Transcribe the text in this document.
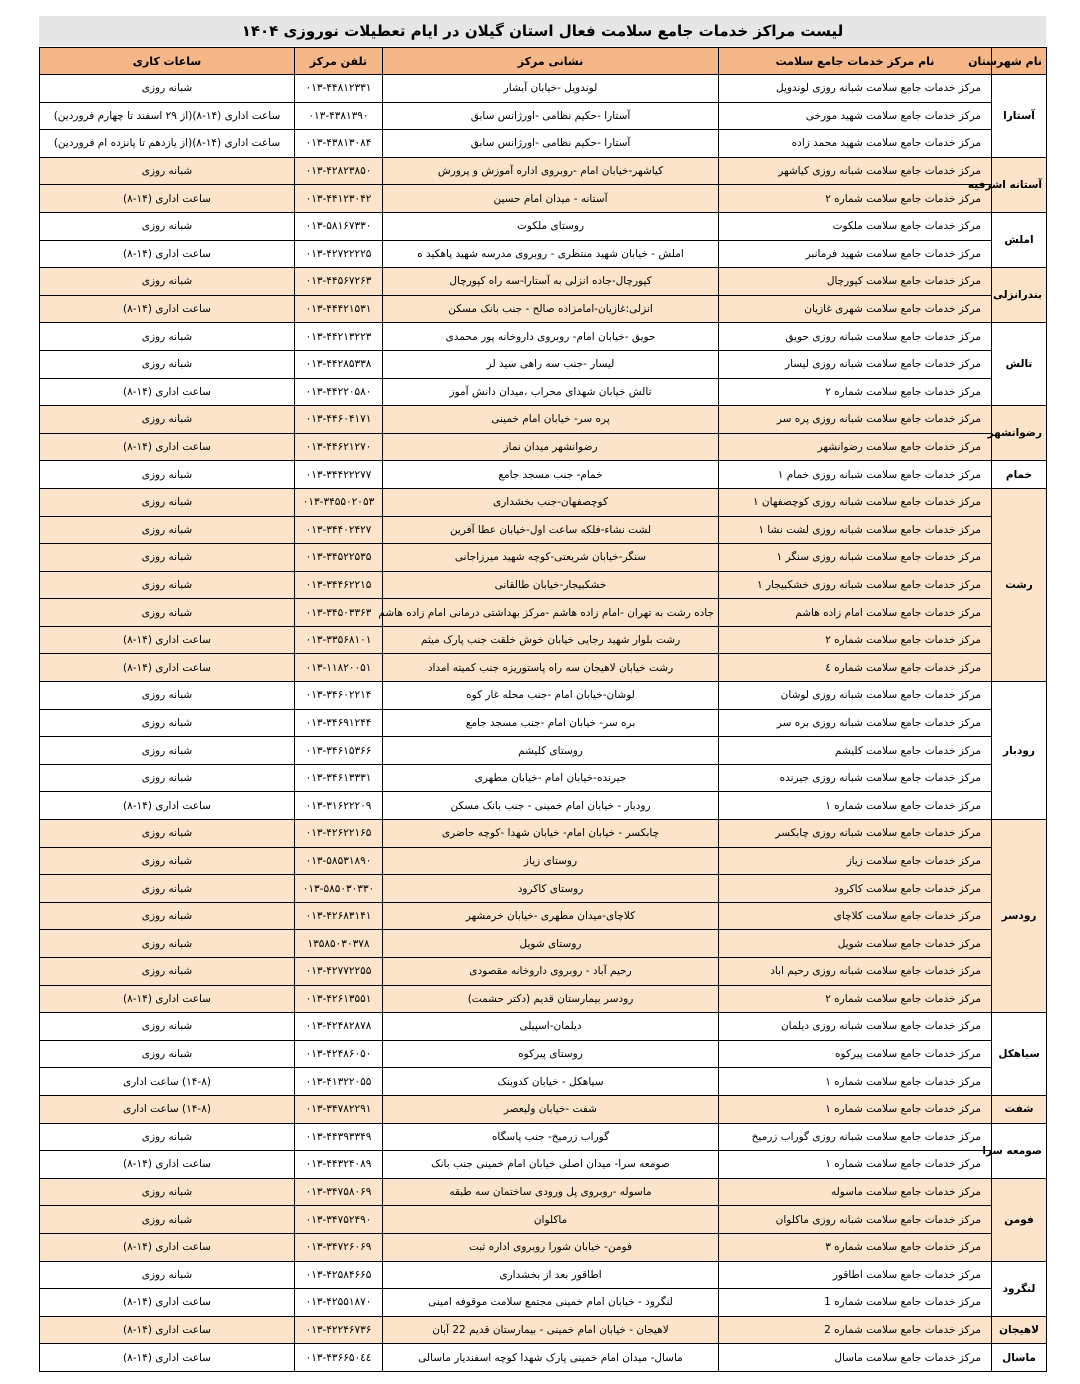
لیست مراکز خدمات جامع سلامت فعال استان گیلان در ایام تعطیلات نوروزی ۱۴۰۴
نام شهرستان	نام مرکز خدمات جامع سلامت	نشانی مرکز	تلفن مرکز	ساعات کاری
آستارا	مرکز خدمات جامع سلامت شبانه روزی لوندویل	لوندویل -خیابان آبشار	۰۱۳-۴۴۸۱۲۳۳۱	شبانه روزی
	مرکز خدمات جامع سلامت شهید مورخی	آستارا -حکیم نظامی -اورژانس سابق	۰۱۳-۴۳۸۱۳۹۰	ساعت اداری (۱۴-۸)(از ۲۹ اسفند تا چهارم فروردین)
	مرکز خدمات جامع سلامت شهید محمد زاده	آستارا -حکیم نظامی -اورژانس سابق	۰۱۳-۴۳۸۱۳۰۸۴	ساعت اداری (۱۴-۸)(از یازدهم تا پانزده ام فروردین)
آستانه اشرفیه	مرکز خدمات جامع سلامت شبانه روزی کیاشهر	کیاشهر-خیابان امام -روبروی اداره آموزش و پرورش	۰۱۳-۴۲۸۲۳۸۵۰	شبانه روزی
	مرکز خدمات جامع سلامت شماره ۲	آستانه - میدان امام حسین	۰۱۳-۴۴۱۲۳۰۴۲	ساعت اداری (۱۴-۸)
املش	مرکز خدمات جامع سلامت ملکوت	روستای ملکوت	۰۱۳-۵۸۱۶۷۳۳۰	شبانه روزی
	مرکز خدمات جامع سلامت شهید فرمانبر	املش - خیابان شهید منتظری - روبروی مدرسه شهید پاهکید ه	۰۱۳-۴۲۷۲۲۲۲۵	ساعت اداری (۱۴-۸)
بندرانزلی	مرکز خدمات جامع سلامت کپورچال	کپورچال-جاده انزلی به آستارا-سه راه کپورچال	۰۱۳-۴۴۵۶۷۲۶۳	شبانه روزی
	مرکز خدمات جامع سلامت شهری غازیان	انزلی:غازیان-امامزاده صالح - جنب بانک مسکن	۰۱۳-۴۴۴۲۱۵۳۱	ساعت اداری (۱۴-۸)
تالش	مرکز خدمات جامع سلامت شبانه روزی حویق	حویق -خیابان امام- روبروی داروخانه پور محمدی	۰۱۳-۴۴۲۱۳۲۲۳	شبانه روزی
	مرکز خدمات جامع سلامت شبانه روزی لیسار	لیسار -جنب سه راهی سید لر	۰۱۳-۴۴۲۸۵۳۳۸	شبانه روزی
	مرکز خدمات جامع سلامت شماره ۲	تالش خیابان شهدای محراب ،میدان دانش آموز	۰۱۳-۴۴۲۲۰۵۸۰	ساعت اداری (۱۴-۸)
رضوانشهر	مرکز خدمات جامع سلامت شبانه روزی پره سر	پره سر- خیابان امام خمینی	۰۱۳-۴۴۶۰۴۱۷۱	شبانه روزی
	مرکز خدمات جامع سلامت رضوانشهر	رضوانشهر میدان نماز	۰۱۳-۴۴۶۲۱۲۷۰	ساعت اداری (۱۴-۸)
خمام	مرکز خدمات جامع سلامت شبانه روزی خمام ۱	خمام- جنب مسجد جامع	۰۱۳-۳۴۴۲۲۲۷۷	شبانه روزی
رشت	مرکز خدمات جامع سلامت شبانه روزی کوچصفهان ۱	کوچصفهان-جنب بخشداری	۰۱۳-۳۴۵۵۰۲۰۵۳	شبانه روزی
	مرکز خدمات جامع سلامت شبانه روزی لشت نشا ۱	لشت نشاء-فلکه ساعت اول-خیابان عطا آفرین	۰۱۳-۳۴۴۰۲۴۲۷	شبانه روزی
	مرکز خدمات جامع سلامت شبانه روزی سنگر ۱	سنگر-خیابان شریعتی-کوچه شهید میرزاجانی	۰۱۳-۳۴۵۲۲۵۳۵	شبانه روزی
	مرکز خدمات جامع سلامت شبانه روزی خشکبیجار ۱	خشکبیجار-خیابان طالقانی	۰۱۳-۳۴۴۶۲۲۱۵	شبانه روزی
	مرکز خدمات جامع سلامت امام زاده هاشم	جاده رشت به تهران -امام زاده هاشم -مرکز بهداشتی درمانی امام زاده هاشم	۰۱۳-۳۴۵۰۳۳۶۳	شبانه روزی
	مرکز خدمات جامع سلامت شماره ۲	رشت بلوار شهید رجایی خیابان خوش خلقت جنب پارک میثم	۰۱۳-۳۳۵۶۸۱۰۱	ساعت اداری (۱۴-۸)
	مرکز خدمات جامع سلامت شماره ٤	رشت خیابان لاهیجان سه راه پاستوریزه جنب کمیته امداد	۰۱۳-۱۱۸۲۰۰۵۱	ساعت اداری (۱۴-۸)
رودبار	مرکز خدمات جامع سلامت شبانه روزی لوشان	لوشان-خیابان امام -جنب محله غار کوه	۰۱۳-۳۴۶۰۲۲۱۴	شبانه روزی
	مرکز خدمات جامع سلامت شبانه روزی بره سر	بره سر- خیابان امام -جنب مسجد جامع	۰۱۳-۳۴۶۹۱۲۴۴	شبانه روزی
	مرکز خدمات جامع سلامت کلیشم	روستای کلیشم	۰۱۳-۳۴۶۱۵۳۶۶	شبانه روزی
	مرکز خدمات جامع سلامت شبانه روزی جیرنده	جیرنده-خیابان امام -خیابان مطهری	۰۱۳-۳۴۶۱۳۳۳۱	شبانه روزی
	مرکز خدمات جامع سلامت شماره ۱	رودبار - خیابان امام خمینی - جنب بانک مسکن	۰۱۳-۳۱۶۲۲۲۰۹	ساعت اداری (۱۴-۸)
رودسر	مرکز خدمات جامع سلامت شبانه روزی چابکسر	چابکسر - خیابان امام- خیابان شهدا -کوچه حاضری	۰۱۳-۴۲۶۲۲۱۶۵	شبانه روزی
	مرکز خدمات جامع سلامت زیاز	روستای زیاز	۰۱۳-۵۸۵۳۱۸۹۰	شبانه روزی
	مرکز خدمات جامع سلامت کاکرود	روستای کاکرود	۰۱۳-۵۸۵۰۳۰۳۳۰	شبانه روزی
	مرکز خدمات جامع سلامت کلاچای	کلاچای-میدان مطهری -خیابان خرمشهر	۰۱۳-۴۲۶۸۳۱۴۱	شبانه روزی
	مرکز خدمات جامع سلامت شویل	روستای شویل	۱۳۵۸۵۰۳۰۳۷۸	شبانه روزی
	مرکز خدمات جامع سلامت شبانه روزی رحیم اباد	رحیم آباد - روبروی داروخانه مقصودی	۰۱۳-۴۲۷۷۲۲۵۵	شبانه روزی
	مرکز خدمات جامع سلامت شماره ۲	رودسر بیمارستان قدیم (دکتر حشمت)	۰۱۳-۴۲۶۱۳۵۵۱	ساعت اداری (۱۴-۸)
سیاهکل	مرکز خدمات جامع سلامت شبانه روزی دیلمان	دیلمان-اسپیلی	۰۱۳-۴۲۴۸۲۸۷۸	شبانه روزی
	مرکز خدمات جامع سلامت پیرکوه	روستای پیرکوه	۰۱۳-۴۲۴۸۶۰۵۰	شبانه روزی
	مرکز خدمات جامع سلامت شماره ۱	سیاهکل - خیابان کدوبنک	۰۱۳-۴۱۳۲۲۰۵۵	(۱۴-۸) ساعت اداری
شفت	مرکز خدمات جامع سلامت شماره ۱	شفت -خیابان ولیعصر	۰۱۳-۳۴۷۸۲۲۹۱	(۱۴-۸) ساعت اداری
صومعه سرا	مرکز خدمات جامع سلامت شبانه روزی گوراب زرمیخ	گوراب زرمیخ- جنب پاسگاه	۰۱۳-۴۴۳۹۳۳۴۹	شبانه روزی
	مرکز خدمات جامع سلامت شماره ۱	صومعه سرا- میدان اصلی خیابان امام خمینی جنب بانک	۰۱۳-۴۴۳۲۴۰۸۹	ساعت اداری (۱۴-۸)
فومن	مرکز خدمات جامع سلامت ماسوله	ماسوله -روبروی پل ورودی ساختمان سه طبقه	۰۱۳-۳۴۷۵۸۰۶۹	شبانه روزی
	مرکز خدمات جامع سلامت شبانه روزی ماکلوان	ماکلوان	۰۱۳-۳۴۷۵۲۴۹۰	شبانه روزی
	مرکز خدمات جامع سلامت شماره ۳	فومن- خیابان شورا روبروی اداره ثبت	۰۱۳-۳۴۷۲۶۰۶۹	ساعت اداری (۱۴-۸)
لنگرود	مرکز خدمات جامع سلامت اطاقور	اطاقور بعد از بخشداری	۰۱۳-۴۲۵۸۴۶۶۵	شبانه روزی
	مرکز خدمات جامع سلامت شماره 1	لنگرود - خیابان امام خمینی مجتمع سلامت موقوفه امینی	۰۱۳-۴۲۵۵۱۸۷۰	ساعت اداری (۱۴-۸)
لاهیجان	مرکز خدمات جامع سلامت شماره 2	لاهیجان - خیابان امام خمینی - بیمارستان قدیم 22 آبان	۰۱۳-۴۲۲۴۶۷۳۶	ساعت اداری (۱۴-۸)
ماسال	مرکز خدمات جامع سلامت ماسال	ماسال- میدان امام خمینی پارک شهدا کوچه اسفندیار ماسالی	۰۱۳-۴۳۶۶۵۰٤٤	ساعت اداری (۱۴-۸)
